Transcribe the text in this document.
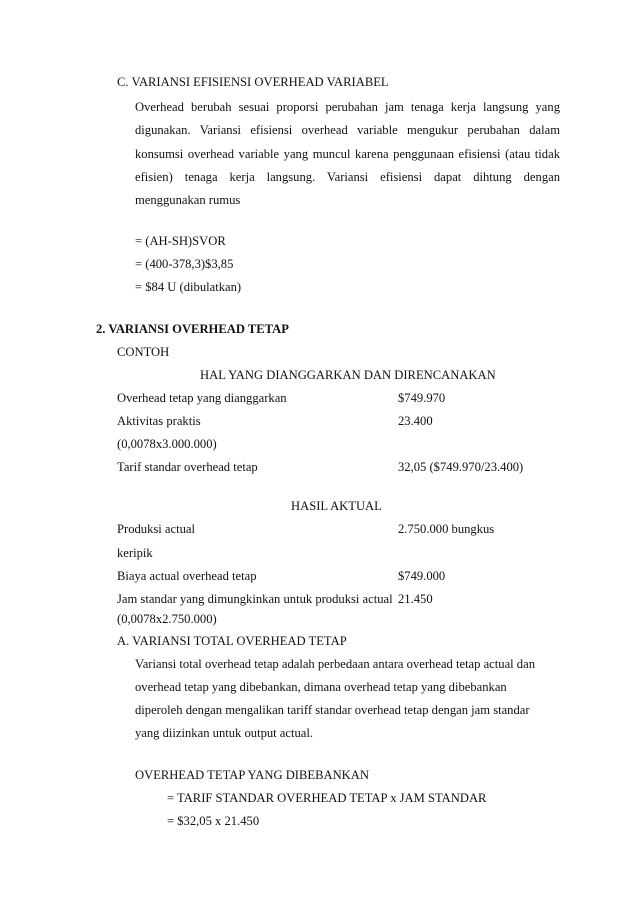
C. VARIANSI EFISIENSI OVERHEAD VARIABEL
Overhead berubah sesuai proporsi perubahan jam tenaga kerja langsung yang
digunakan. Variansi efisiensi overhead variable mengukur perubahan dalam
konsumsi overhead variable yang muncul karena penggunaan efisiensi (atau tidak
efisien) tenaga kerja langsung. Variansi efisiensi dapat dihtung dengan
menggunakan rumus
= (AH-SH)SVOR
= (400-378,3)$3,85
= $84 U (dibulatkan)
2. VARIANSI OVERHEAD TETAP
CONTOH
HAL YANG DIANGGARKAN DAN DIRENCANAKAN
Overhead tetap yang dianggarkan	$749.970
Aktivitas praktis	23.400
(0,0078x3.000.000)
Tarif standar overhead tetap	32,05 ($749.970/23.400)
HASIL AKTUAL
Produksi actual	2.750.000 bungkus
keripik
Biaya actual overhead tetap	$749.000
Jam standar yang dimungkinkan untuk produksi actual 21.450
(0,0078x2.750.000)
A. VARIANSI TOTAL OVERHEAD TETAP
Variansi total overhead tetap adalah perbedaan antara overhead tetap actual dan
overhead tetap yang dibebankan, dimana overhead tetap yang dibebankan
diperoleh dengan mengalikan tariff standar overhead tetap dengan jam standar
yang diizinkan untuk output actual.
OVERHEAD TETAP YANG DIBEBANKAN
= TARIF STANDAR OVERHEAD TETAP x JAM STANDAR
= $32,05 x 21.450
